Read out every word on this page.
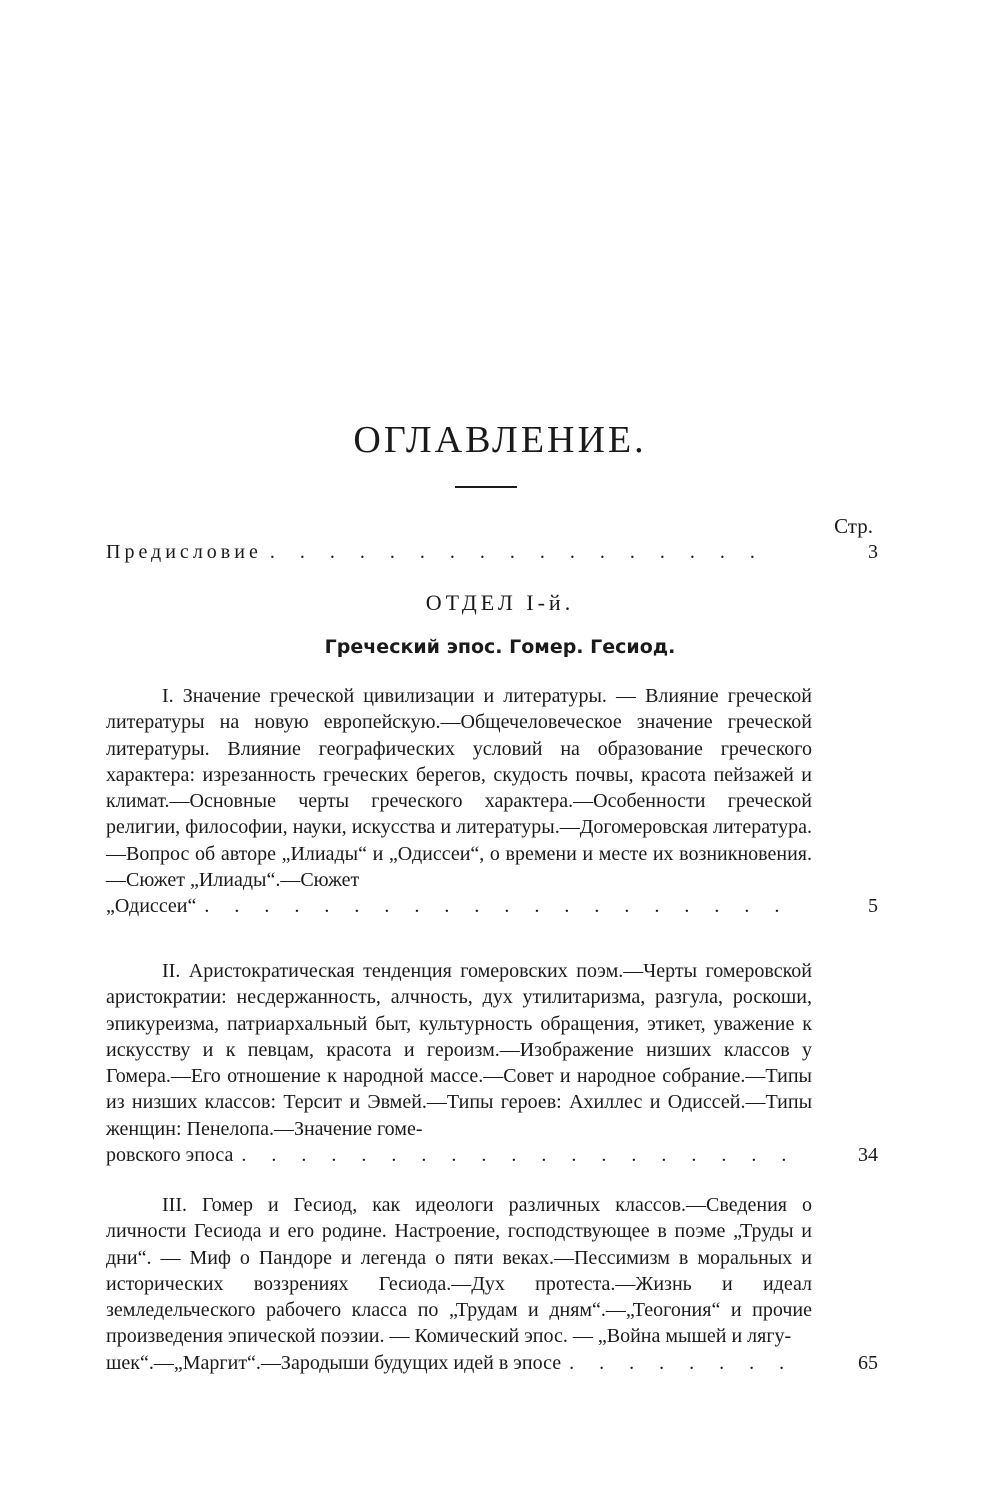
ОГЛАВЛЕНИЕ.
Стр.
Предисловие . . .	3
ОТДЕЛ I-й.
Греческий эпос. Гомер. Гесиод.
I. Значение греческой цивилизации и литературы. — Влияние греческой литературы на новую европейскую.—Общечеловеческое значение греческой литературы. Влияние географических условий на образование греческого характера: изрезанность греческих берегов, скудость почвы, красота пейзажей и климат.—Основные черты греческого характера.—Особенности греческой религии, философии, науки, искусства и литературы.—Догомеровская литература.—Вопрос об авторе „Илиады“ и „Одиссеи“, о времени и месте их возникновения.—Сюжет „Илиады“.—Сюжет
„Одиссеи“ . . .	5
II. Аристократическая тенденция гомеровских поэм.—Черты гомеровской аристократии: несдержанность, алчность, дух утилитаризма, разгула, роскоши, эпикуреизма, патриархальный быт, культурность обращения, этикет, уважение к искусству и к певцам, красота и героизм.—Изображение низших классов у Гомера.—Его отношение к народной массе.—Совет и народное собрание.—Типы из низших классов: Терсит и Эвмей.—Типы героев: Ахиллес и Одиссей.—Типы женщин: Пенелопа.—Значение гоме-
ровского эпоса . . .	34
III. Гомер и Гесиод, как идеологи различных классов.—Сведения о личности Гесиода и его родине. Настроение, господствующее в поэме „Труды и дни“. — Миф о Пандоре и легенда о пяти веках.—Пессимизм в моральных и исторических воззрениях Гесиода.—Дух протеста.—Жизнь и идеал земледельческого рабочего класса по „Трудам и дням“.—„Теогония“ и прочие произведения эпической поэзии. — Комический эпос. — „Война мышей и лягу-
шек“.—„Маргит“.—Зародыши будущих идей в эпосе . . .	65
